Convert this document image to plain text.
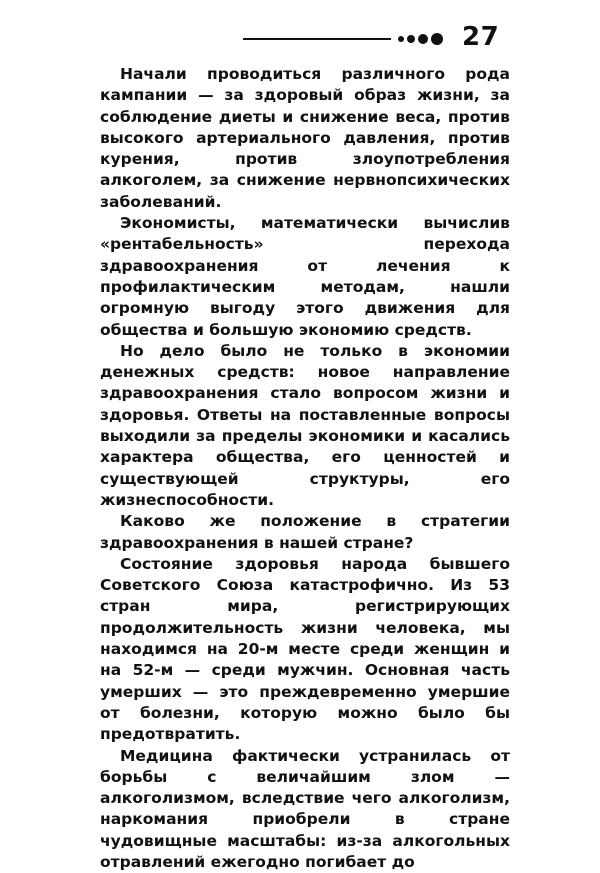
27

Начали проводиться различного рода кампании — за здоровый образ жизни, за соблюдение диеты и снижение веса, против высокого артериального давления, против курения, против злоупотребления алкоголем, за снижение нервнопсихических заболеваний.

Экономисты, математически вычислив «рентабельность» перехода здравоохранения от лечения к профилактическим методам, нашли огромную выгоду этого движения для общества и большую экономию средств.

Но дело было не только в экономии денежных средств: новое направление здравоохранения стало вопросом жизни и здоровья. Ответы на поставленные вопросы выходили за пределы экономики и касались характера общества, его ценностей и существующей структуры, его жизнеспособности.

Каково же положение в стратегии здравоохранения в нашей стране?

Состояние здоровья народа бывшего Советского Союза катастрофично. Из 53 стран мира, регистрирующих продолжительность жизни человека, мы находимся на 20-м месте среди женщин и на 52-м — среди мужчин. Основная часть умерших — это преждевременно умершие от болезни, которую можно было бы предотвратить.

Медицина фактически устранилась от борьбы с величайшим злом — алкоголизмом, вследствие чего алкоголизм, наркомания приобрели в стране чудовищные масштабы: из-за алкогольных отравлений ежегодно погибает до
